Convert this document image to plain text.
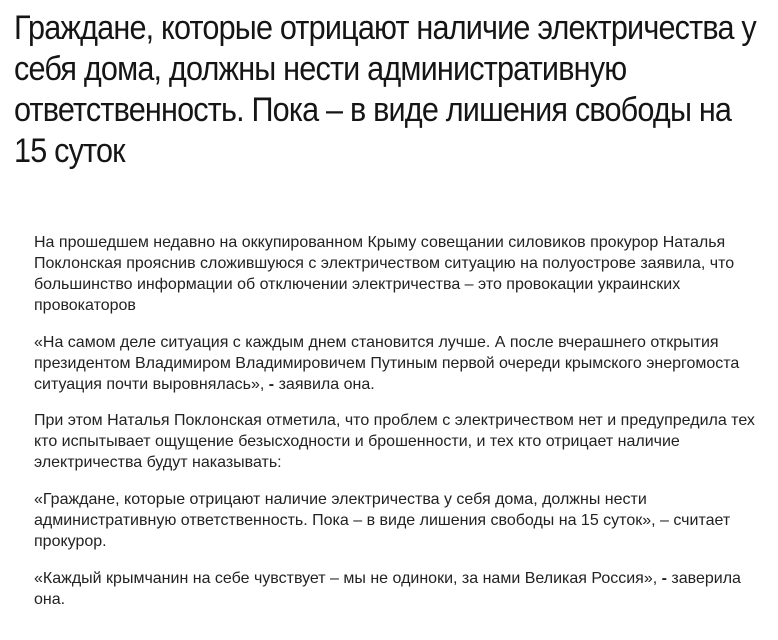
Граждане, которые отрицают наличие электричества у себя дома, должны нести административную ответственность. Пока – в виде лишения свободы на 15 суток

На прошедшем недавно на оккупированном Крыму совещании силовиков прокурор Наталья Поклонская прояснив сложившуюся с электричеством ситуацию на полуострове заявила, что большинство информации об отключении электричества – это провокации украинских провокаторов

«На самом деле ситуация с каждым днем становится лучше. А после вчерашнего открытия президентом Владимиром Владимировичем Путиным первой очереди крымского энергомоста ситуация почти выровнялась», - заявила она.

При этом Наталья Поклонская отметила, что проблем с электричеством нет и предупредила тех кто испытывает ощущение безысходности и брошенности, и тех кто отрицает наличие электричества будут наказывать:

«Граждане, которые отрицают наличие электричества у себя дома, должны нести административную ответственность. Пока – в виде лишения свободы на 15 суток», – считает прокурор.

«Каждый крымчанин на себе чувствует – мы не одиноки, за нами Великая Россия», - заверила она.
